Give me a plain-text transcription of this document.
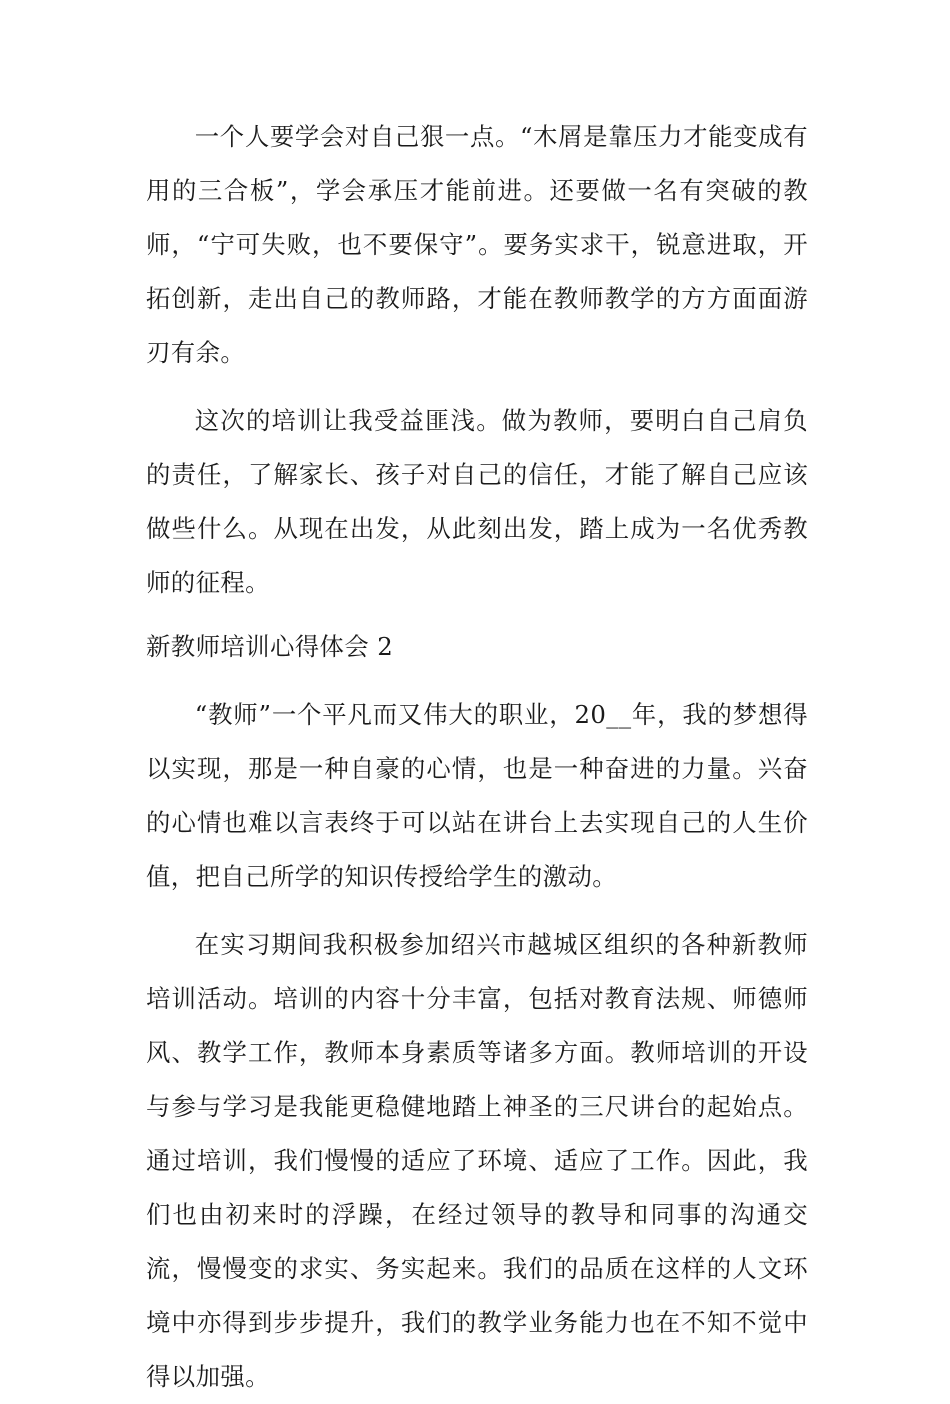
一个人要学会对自己狠一点。“木屑是靠压力才能变成有用的三合板”，学会承压才能前进。还要做一名有突破的教师，“宁可失败，也不要保守”。要务实求干，锐意进取，开拓创新，走出自己的教师路，才能在教师教学的方方面面游刃有余。

这次的培训让我受益匪浅。做为教师，要明白自己肩负的责任，了解家长、孩子对自己的信任，才能了解自己应该做些什么。从现在出发，从此刻出发，踏上成为一名优秀教师的征程。

新教师培训心得体会 2

“教师”一个平凡而又伟大的职业，20__年，我的梦想得以实现，那是一种自豪的心情，也是一种奋进的力量。兴奋的心情也难以言表终于可以站在讲台上去实现自己的人生价值，把自己所学的知识传授给学生的激动。

在实习期间我积极参加绍兴市越城区组织的各种新教师培训活动。培训的内容十分丰富，包括对教育法规、师德师风、教学工作，教师本身素质等诸多方面。教师培训的开设与参与学习是我能更稳健地踏上神圣的三尺讲台的起始点。通过培训，我们慢慢的适应了环境、适应了工作。因此，我们也由初来时的浮躁，在经过领导的教导和同事的沟通交流，慢慢变的求实、务实起来。我们的品质在这样的人文环境中亦得到步步提升，我们的教学业务能力也在不知不觉中得以加强。
